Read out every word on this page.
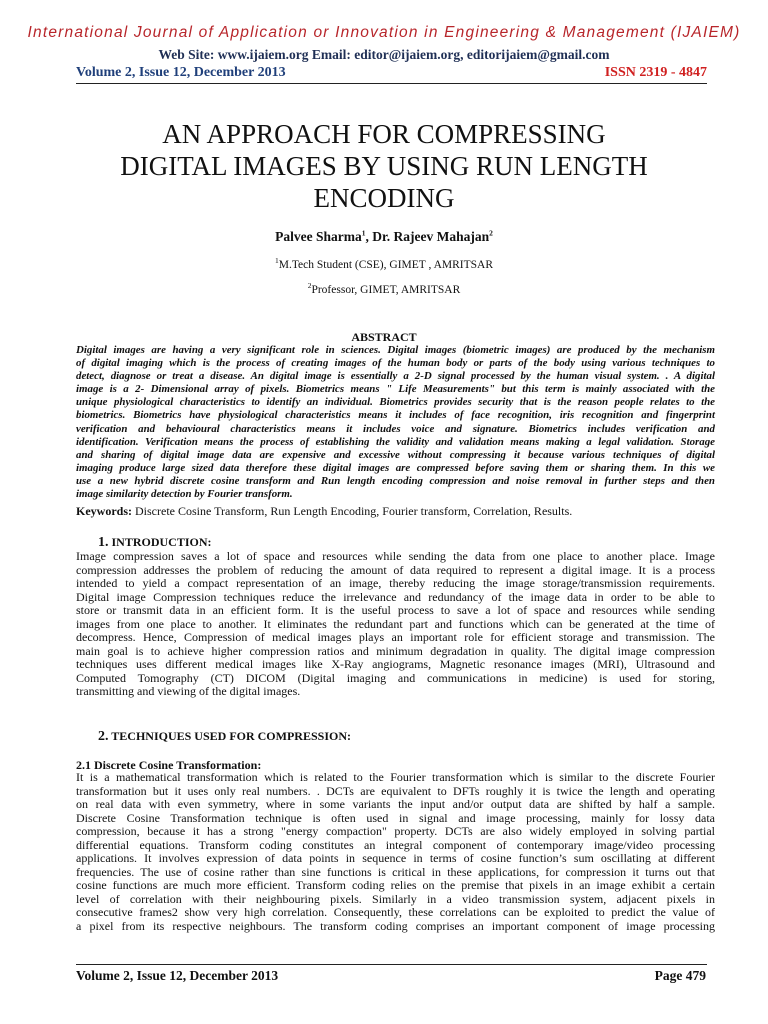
International Journal of Application or Innovation in Engineering & Management (IJAIEM)
Web Site: www.ijaiem.org Email: editor@ijaiem.org, editorijaiem@gmail.com
Volume 2, Issue 12, December 2013	ISSN 2319 - 4847
AN APPROACH FOR COMPRESSING
DIGITAL IMAGES BY USING RUN LENGTH
ENCODING
Palvee Sharma$^1$, Dr. Rajeev Mahajan$^2$
$^1$M.Tech Student (CSE), GIMET , AMRITSAR
$^2$Professor, GIMET, AMRITSAR
ABSTRACT
Digital images are having a very significant role in sciences. Digital images (biometric images) are produced by the mechanism
of digital imaging which is the process of creating images of the human body or parts of the body using various techniques to
detect, diagnose or treat a disease. An digital image is essentially a 2-D signal processed by the human visual system. . A digital
image is a 2- Dimensional array of pixels. Biometrics means " Life Measurements" but this term is mainly associated with the
unique physiological characteristics to identify an individual. Biometrics provides security that is the reason people relates to the
biometrics. Biometrics have physiological characteristics means it includes of face recognition, iris recognition and fingerprint
verification and behavioural characteristics means it includes voice and signature. Biometrics includes verification and
identification. Verification means the process of establishing the validity and validation means making a legal validation. Storage
and sharing of digital image data are expensive and excessive without compressing it because various techniques of digital
imaging produce large sized data therefore these digital images are compressed before saving them or sharing them. In this we
use a new hybrid discrete cosine transform and Run length encoding compression and noise removal in further steps and then
image similarity detection by Fourier transform.
Keywords: Discrete Cosine Transform, Run Length Encoding, Fourier transform, Correlation, Results.
1. INTRODUCTION:
Image compression saves a lot of space and resources while sending the data from one place to another place. Image
compression addresses the problem of reducing the amount of data required to represent a digital image. It is a process
intended to yield a compact representation of an image, thereby reducing the image storage/transmission requirements.
Digital image Compression techniques reduce the irrelevance and redundancy of the image data in order to be able to
store or transmit data in an efficient form. It is the useful process to save a lot of space and resources while sending
images from one place to another. It eliminates the redundant part and functions which can be generated at the time of
decompress. Hence, Compression of medical images plays an important role for efficient storage and transmission. The
main goal is to achieve higher compression ratios and minimum degradation in quality. The digital image compression
techniques uses different medical images like X-Ray angiograms, Magnetic resonance images (MRI), Ultrasound and
Computed Tomography (CT) DICOM (Digital imaging and communications in medicine) is used for storing,
transmitting and viewing of the digital images.
2. TECHNIQUES USED FOR COMPRESSION:
2.1 Discrete Cosine Transformation:
It is a mathematical transformation which is related to the Fourier transformation which is similar to the discrete Fourier
transformation but it uses only real numbers. . DCTs are equivalent to DFTs roughly it is twice the length and operating
on real data with even symmetry, where in some variants the input and/or output data are shifted by half a sample.
Discrete Cosine Transformation technique is often used in signal and image processing, mainly for lossy data
compression, because it has a strong "energy compaction" property. DCTs are also widely employed in solving partial
differential equations. Transform coding constitutes an integral component of contemporary image/video processing
applications. It involves expression of data points in sequence in terms of cosine function’s sum oscillating at different
frequencies. The use of cosine rather than sine functions is critical in these applications, for compression it turns out that
cosine functions are much more efficient. Transform coding relies on the premise that pixels in an image exhibit a certain
level of correlation with their neighbouring pixels. Similarly in a video transmission system, adjacent pixels in
consecutive frames2 show very high correlation. Consequently, these correlations can be exploited to predict the value of
a pixel from its respective neighbours. The transform coding comprises an important component of image processing
Volume 2, Issue 12, December 2013	Page 479
